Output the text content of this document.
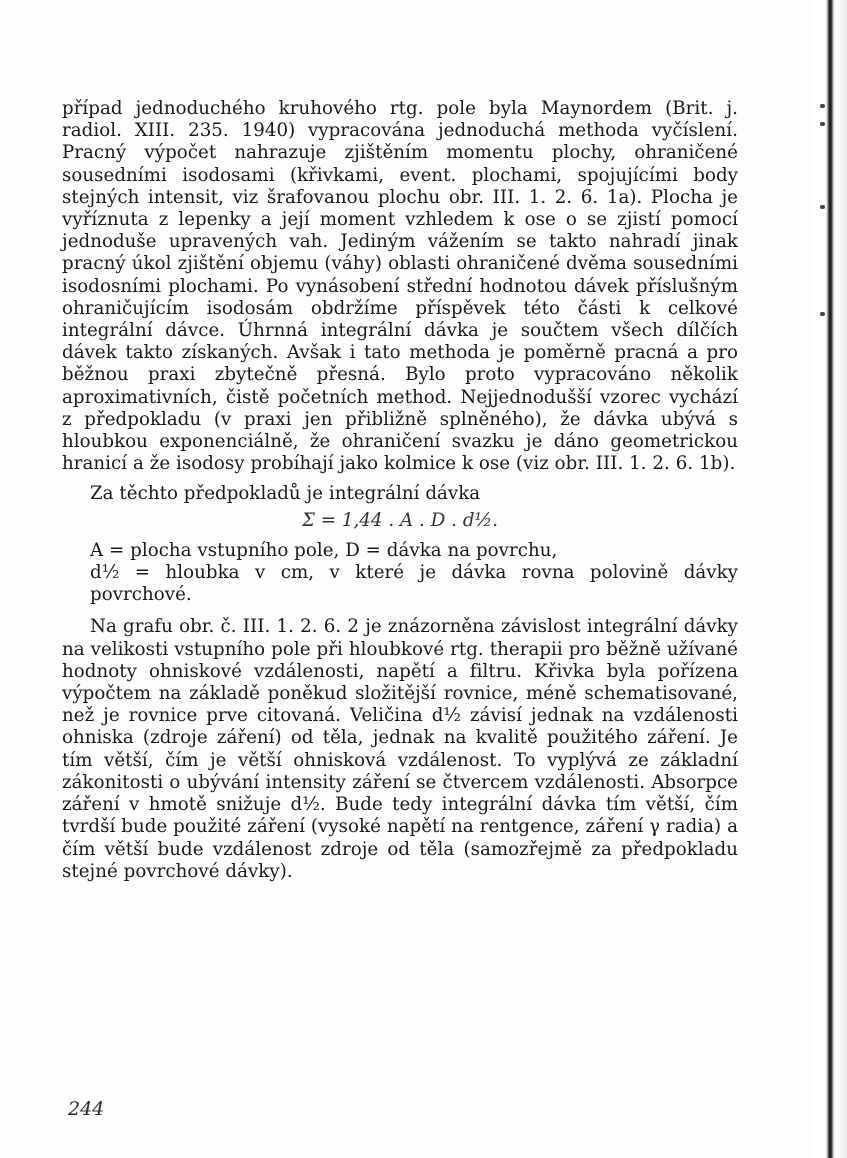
případ jednoduchého kruhového rtg. pole byla Maynordem (Brit. j. radiol. XIII. 235. 1940) vypracována jednoduchá methoda vyčíslení. Pracný výpočet nahrazuje zjištěním momentu plochy, ohraničené sousedními isodosami (křivkami, event. plochami, spojujícími body stejných intensit, viz šrafovanou plochu obr. III. 1. 2. 6. 1a). Plocha je vyříznuta z lepenky a její moment vzhledem k ose o se zjistí pomocí jednoduše upravených vah. Jediným vážením se takto nahradí jinak pracný úkol zjištění objemu (váhy) oblasti ohraničené dvěma sousedními isodosními plochami. Po vynásobení střední hodnotou dávek příslušným ohraničujícím isodosám obdržíme příspěvek této části k celkové integrální dávce. Úhrnná integrální dávka je součtem všech dílčích dávek takto získaných. Avšak i tato methoda je poměrně pracná a pro běžnou praxi zbytečně přesná. Bylo proto vypracováno několik aproximativních, čistě početních method. Nejjednodušší vzorec vychází z předpokladu (v praxi jen přibližně splněného), že dávka ubývá s hloubkou exponenciálně, že ohraničení svazku je dáno geometrickou hranicí a že isodosy probíhají jako kolmice k ose (viz obr. III. 1. 2. 6. 1b).

Za těchto předpokladů je integrální dávka

Σ = 1,44 . A . D . d½.

A = plocha vstupního pole, D = dávka na povrchu,
d½ = hloubka v cm, v které je dávka rovna polovině dávky povrchové.

Na grafu obr. č. III. 1. 2. 6. 2 je znázorněna závislost integrální dávky na velikosti vstupního pole při hloubkové rtg. therapii pro běžně užívané hodnoty ohniskové vzdálenosti, napětí a filtru. Křivka byla pořízena výpočtem na základě poněkud složitější rovnice, méně schematisované, než je rovnice prve citovaná. Veličina d½ závisí jednak na vzdálenosti ohniska (zdroje záření) od těla, jednak na kvalitě použitého záření. Je tím větší, čím je větší ohnisková vzdálenost. To vyplývá ze základní zákonitosti o ubývání intensity záření se čtvercem vzdálenosti. Absorpce záření v hmotě snižuje d½. Bude tedy integrální dávka tím větší, čím tvrdší bude použité záření (vysoké napětí na rentgence, záření γ radia) a čím větší bude vzdálenost zdroje od těla (samozřejmě za předpokladu stejné povrchové dávky).

244
